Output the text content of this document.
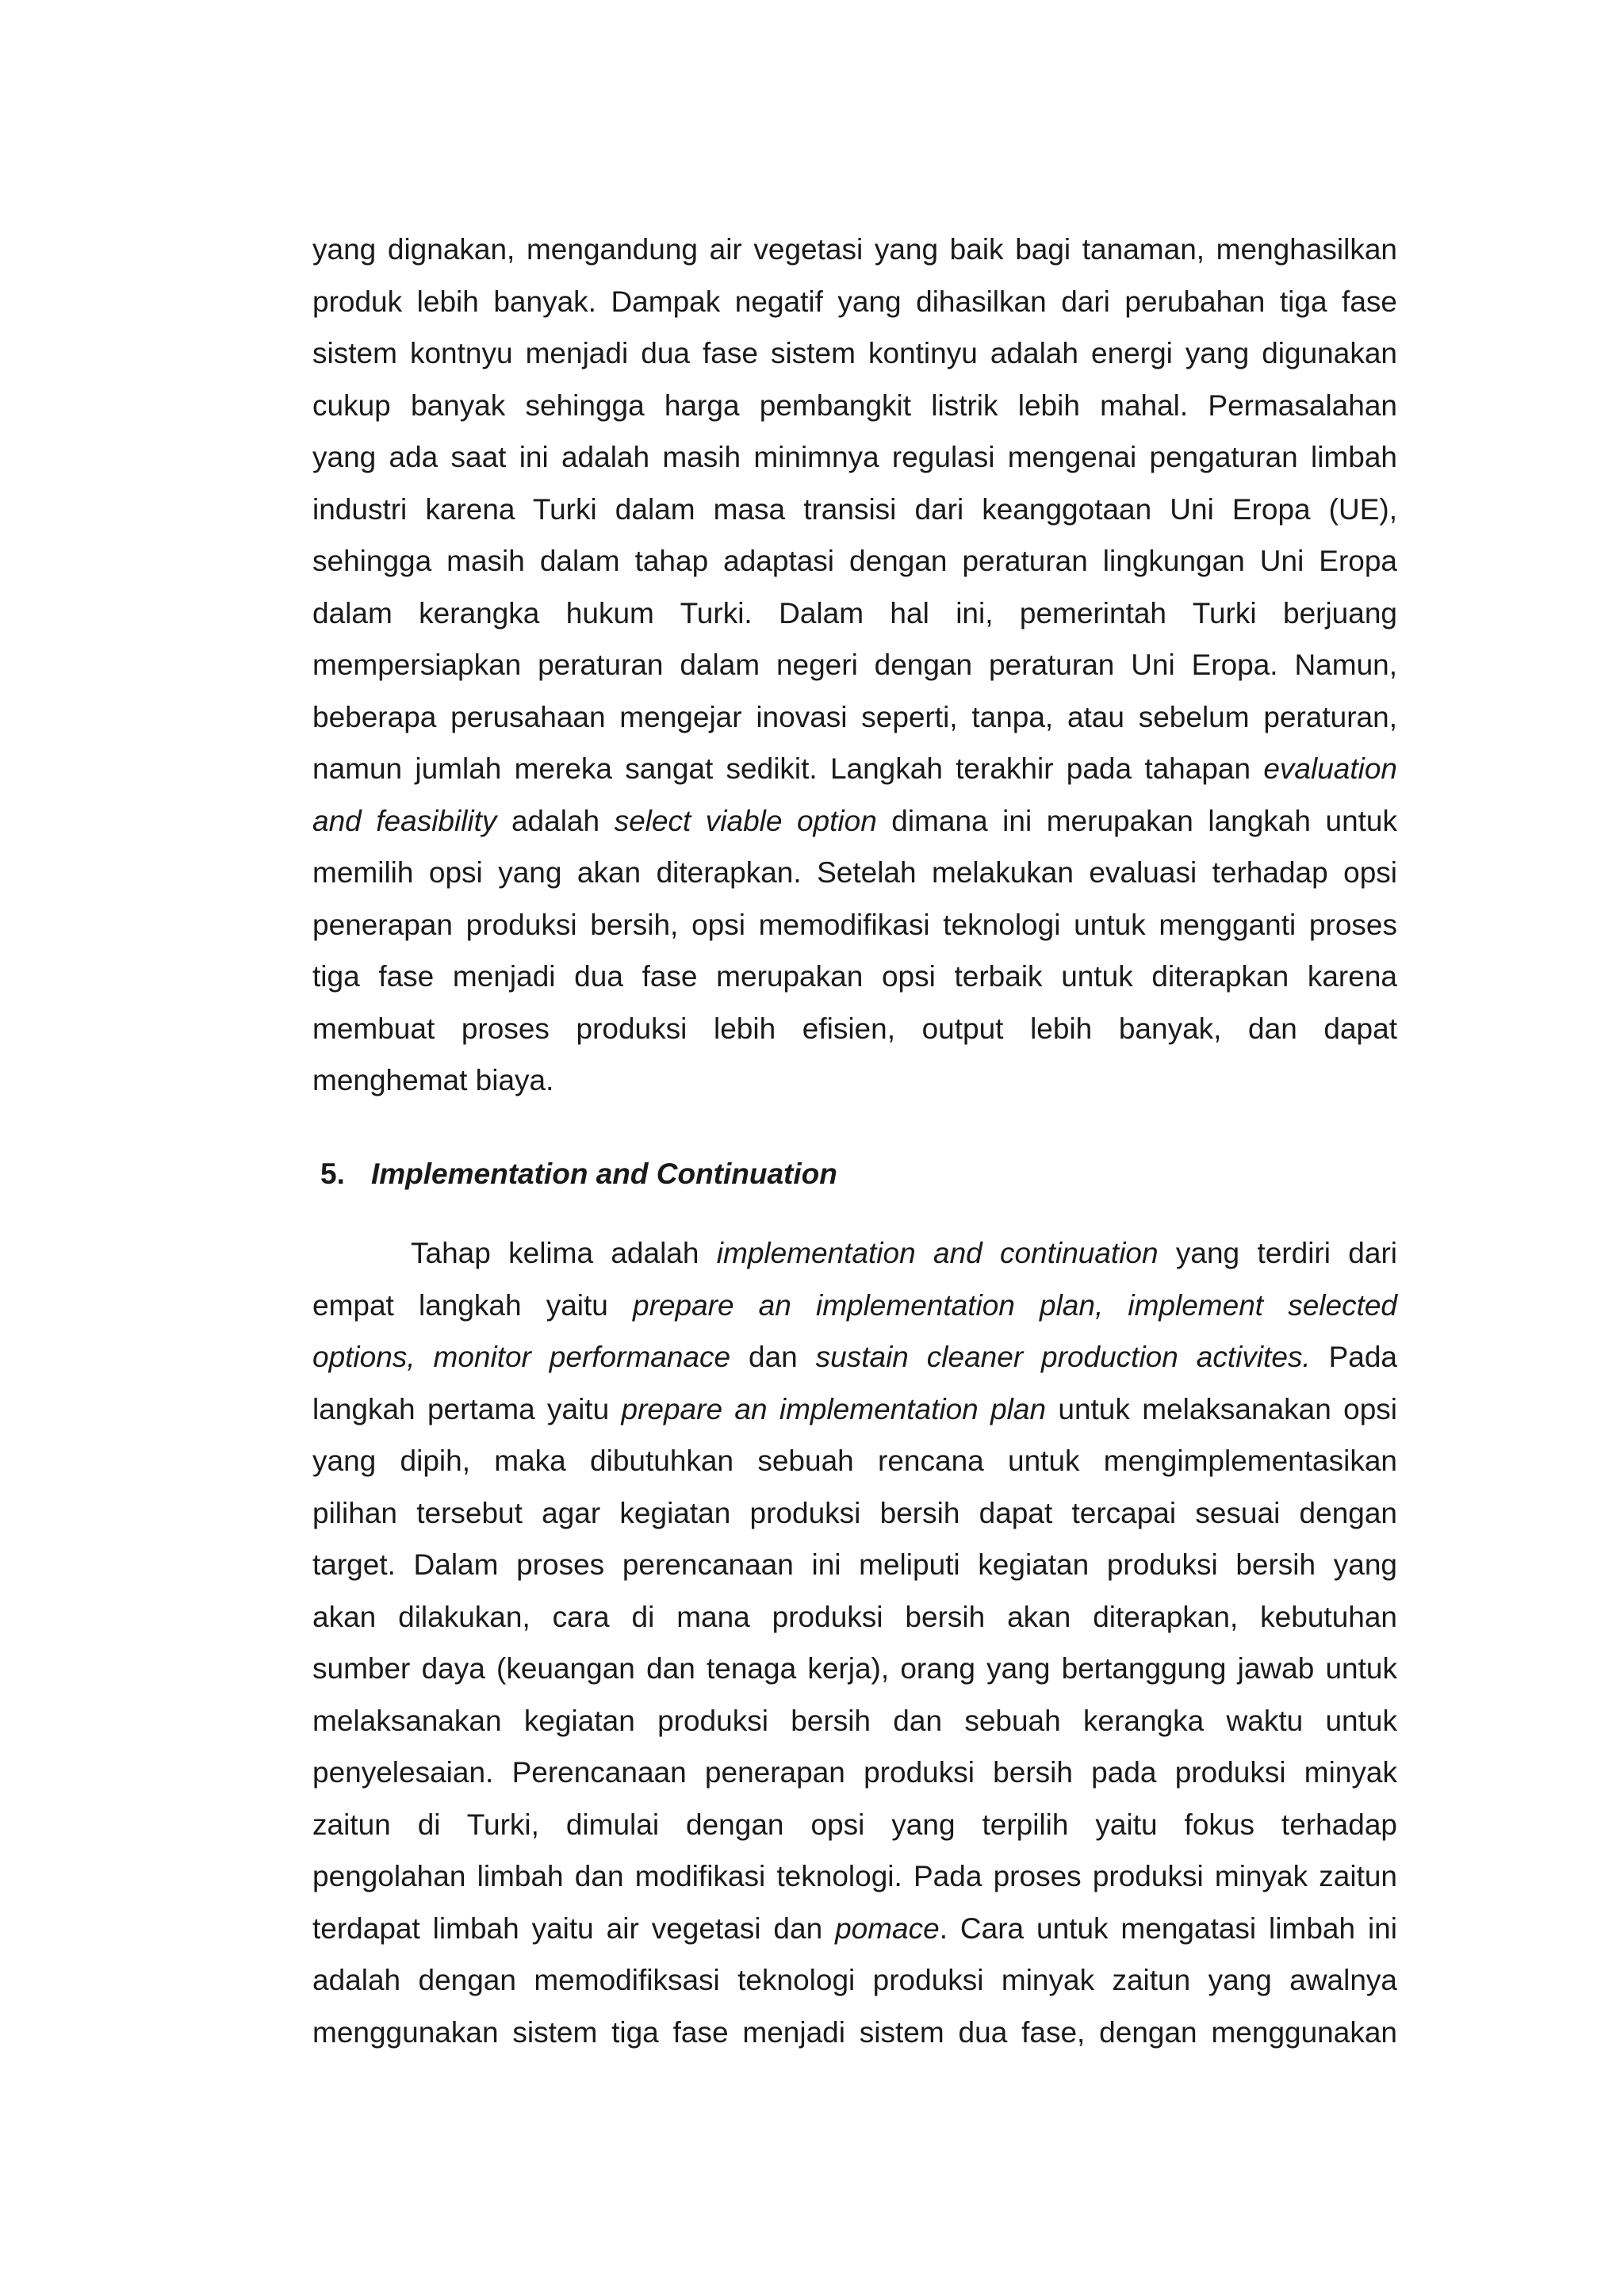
yang dignakan, mengandung air vegetasi yang baik bagi tanaman, menghasilkan
produk lebih banyak. Dampak negatif yang dihasilkan dari perubahan tiga fase
sistem kontnyu menjadi dua fase sistem kontinyu adalah energi yang digunakan
cukup banyak sehingga harga pembangkit listrik lebih mahal. Permasalahan
yang ada saat ini adalah masih minimnya regulasi mengenai pengaturan limbah
industri karena Turki dalam masa transisi dari keanggotaan Uni Eropa (UE),
sehingga masih dalam tahap adaptasi dengan peraturan lingkungan Uni Eropa
dalam kerangka hukum Turki. Dalam hal ini, pemerintah Turki berjuang
mempersiapkan peraturan dalam negeri dengan peraturan Uni Eropa. Namun,
beberapa perusahaan mengejar inovasi seperti, tanpa, atau sebelum peraturan,
namun jumlah mereka sangat sedikit. Langkah terakhir pada tahapan evaluation
and feasibility adalah select viable option dimana ini merupakan langkah untuk
memilih opsi yang akan diterapkan. Setelah melakukan evaluasi terhadap opsi
penerapan produksi bersih, opsi memodifikasi teknologi untuk mengganti proses
tiga fase menjadi dua fase merupakan opsi terbaik untuk diterapkan karena
membuat proses produksi lebih efisien, output lebih banyak, dan dapat
menghemat biaya.
5. Implementation and Continuation
Tahap kelima adalah implementation and continuation yang terdiri dari
empat langkah yaitu prepare an implementation plan, implement selected
options, monitor performanace dan sustain cleaner production activites. Pada
langkah pertama yaitu prepare an implementation plan untuk melaksanakan opsi
yang dipih, maka dibutuhkan sebuah rencana untuk mengimplementasikan
pilihan tersebut agar kegiatan produksi bersih dapat tercapai sesuai dengan
target. Dalam proses perencanaan ini meliputi kegiatan produksi bersih yang
akan dilakukan, cara di mana produksi bersih akan diterapkan, kebutuhan
sumber daya (keuangan dan tenaga kerja), orang yang bertanggung jawab untuk
melaksanakan kegiatan produksi bersih dan sebuah kerangka waktu untuk
penyelesaian. Perencanaan penerapan produksi bersih pada produksi minyak
zaitun di Turki, dimulai dengan opsi yang terpilih yaitu fokus terhadap
pengolahan limbah dan modifikasi teknologi. Pada proses produksi minyak zaitun
terdapat limbah yaitu air vegetasi dan pomace. Cara untuk mengatasi limbah ini
adalah dengan memodifiksasi teknologi produksi minyak zaitun yang awalnya
menggunakan sistem tiga fase menjadi sistem dua fase, dengan menggunakan
